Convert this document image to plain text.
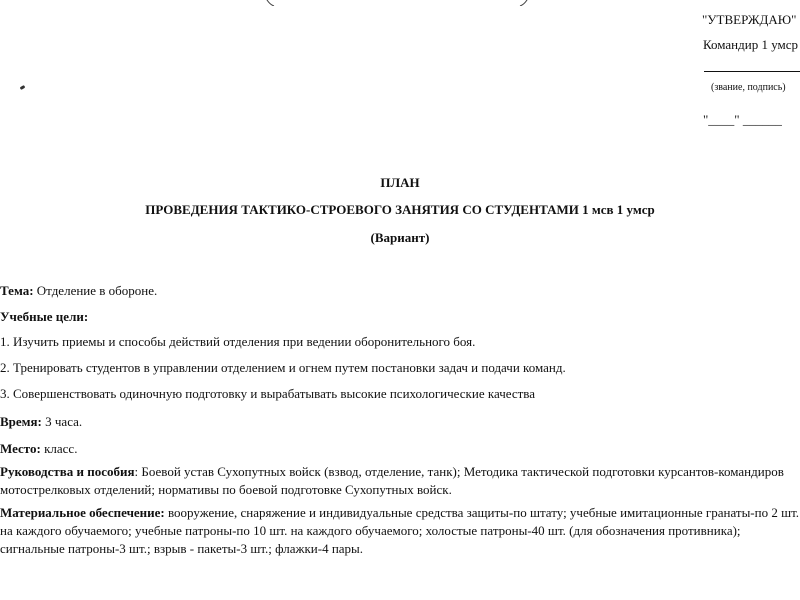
"УТВЕРЖДАЮ"
Командир 1 умср
(звание, подпись)
"____" ______
ПЛАН
ПРОВЕДЕНИЯ ТАКТИКО-СТРОЕВОГО ЗАНЯТИЯ СО СТУДЕНТАМИ 1 мсв 1 умср
(Вариант)
Тема: Отделение в обороне.
Учебные цели:
1. Изучить приемы и способы действий отделения при ведении оборонительного боя.
2. Тренировать студентов в управлении отделением и огнем путем постановки задач и подачи команд.
3. Совершенствовать одиночную подготовку и вырабатывать высокие психологические качества
Время: 3 часа.
Место: класс.
Руководства и пособия: Боевой устав Сухопутных войск (взвод, отделение, танк); Методика тактической подготовки курсантов-командиров мотострелковых отделений; нормативы по боевой подготовке Сухопутных войск.
Материальное обеспечение: вооружение, снаряжение и индивидуальные средства защиты-по штату; учебные имитационные гранаты-по 2 шт. на каждого обучаемого; учебные патроны-по 10 шт. на каждого обучаемого; холостые патроны-40 шт. (для обозначения противника); сигнальные патроны-3 шт.; взрыв - пакеты-3 шт.; флажки-4 пары.
